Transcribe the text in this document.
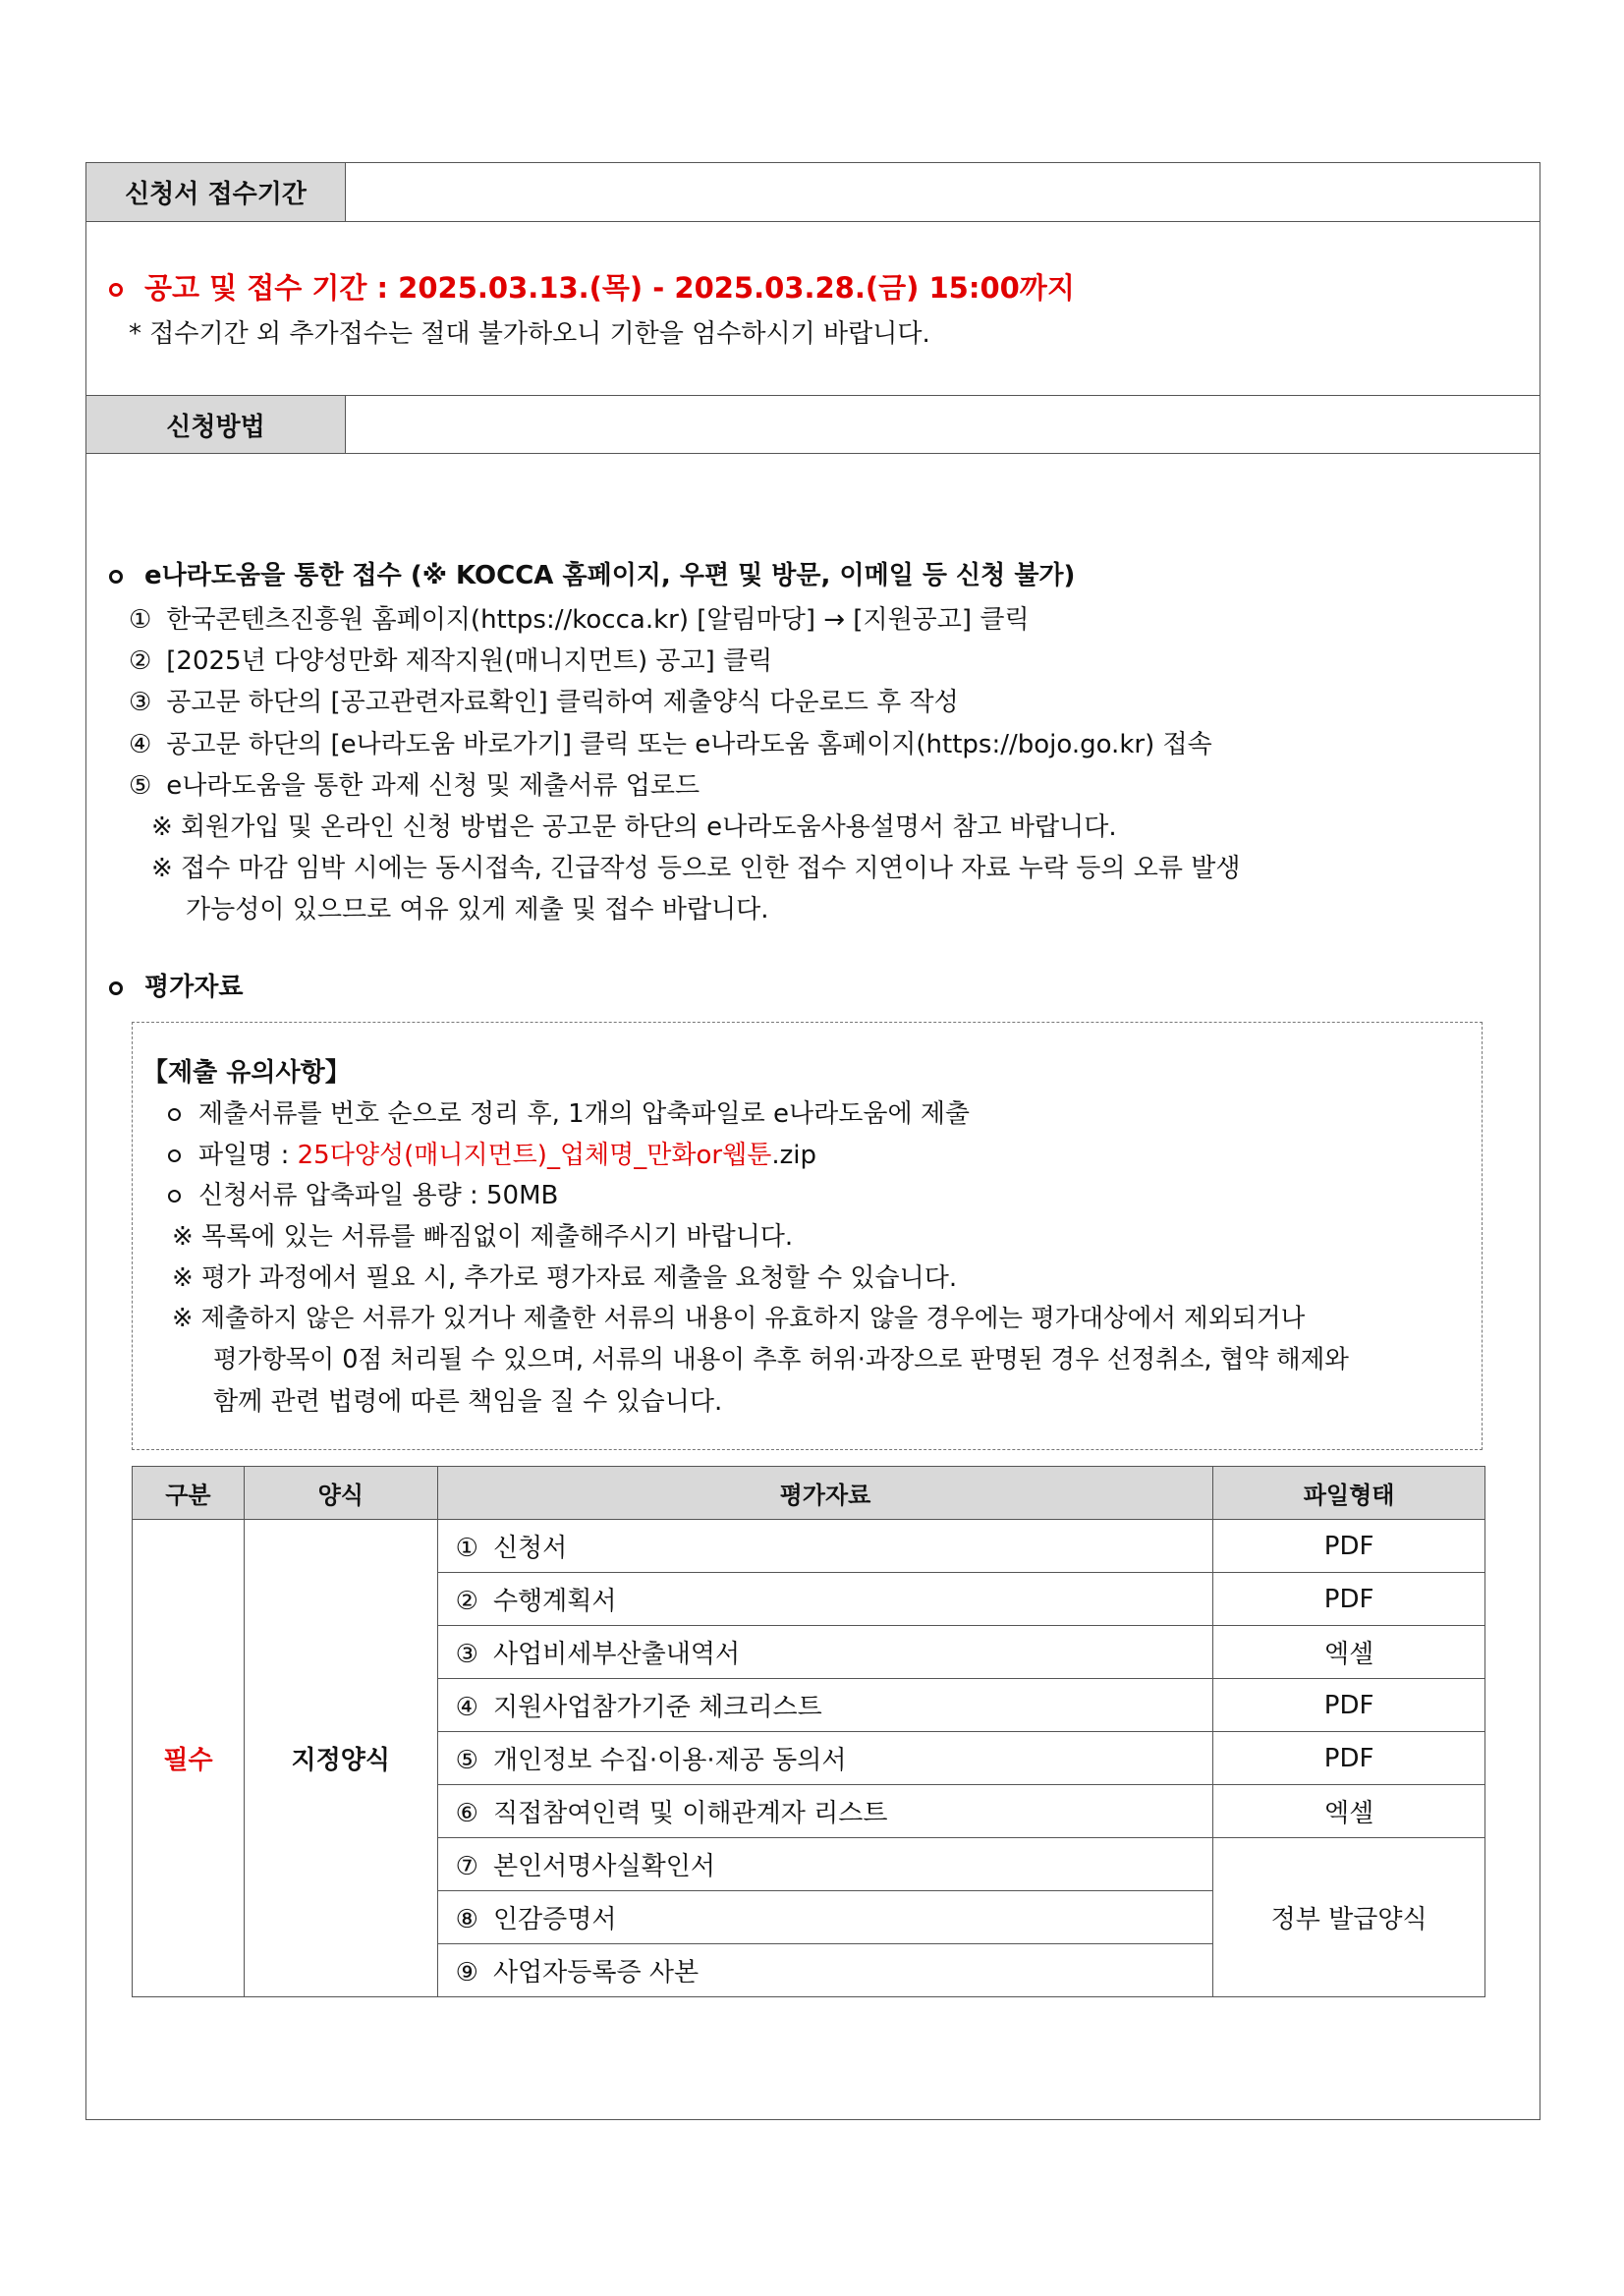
신청서 접수기간
공고 및 접수 기간 : 2025.03.13.(목) - 2025.03.28.(금) 15:00까지
* 접수기간 외 추가접수는 절대 불가하오니 기한을 엄수하시기 바랍니다.
신청방법
e나라도움을 통한 접수 (※ KOCCA 홈페이지, 우편 및 방문, 이메일 등 신청 불가)
① 한국콘텐츠진흥원 홈페이지(https://kocca.kr) [알림마당] → [지원공고] 클릭
② [2025년 다양성만화 제작지원(매니지먼트) 공고] 클릭
③ 공고문 하단의 [공고관련자료확인] 클릭하여 제출양식 다운로드 후 작성
④ 공고문 하단의 [e나라도움 바로가기] 클릭 또는 e나라도움 홈페이지(https://bojo.go.kr) 접속
⑤ e나라도움을 통한 과제 신청 및 제출서류 업로드
※ 회원가입 및 온라인 신청 방법은 공고문 하단의 e나라도움사용설명서 참고 바랍니다.
※ 접수 마감 임박 시에는 동시접속, 긴급작성 등으로 인한 접수 지연이나 자료 누락 등의 오류 발생
가능성이 있으므로 여유 있게 제출 및 접수 바랍니다.
평가자료
【제출 유의사항】
제출서류를 번호 순으로 정리 후, 1개의 압축파일로 e나라도움에 제출
파일명 : 25다양성(매니지먼트)_업체명_만화or웹툰.zip
신청서류 압축파일 용량 : 50MB
※ 목록에 있는 서류를 빠짐없이 제출해주시기 바랍니다.
※ 평가 과정에서 필요 시, 추가로 평가자료 제출을 요청할 수 있습니다.
※ 제출하지 않은 서류가 있거나 제출한 서류의 내용이 유효하지 않을 경우에는 평가대상에서 제외되거나
평가항목이 0점 처리될 수 있으며, 서류의 내용이 추후 허위·과장으로 판명된 경우 선정취소, 협약 해제와
함께 관련 법령에 따른 책임을 질 수 있습니다.
구분	양식	평가자료	파일형태
필수	지정양식	① 신청서	PDF
		② 수행계획서	PDF
		③ 사업비세부산출내역서	엑셀
		④ 지원사업참가기준 체크리스트	PDF
		⑤ 개인정보 수집·이용·제공 동의서	PDF
		⑥ 직접참여인력 및 이해관계자 리스트	엑셀
		⑦ 본인서명사실확인서	정부 발급양식
		⑧ 인감증명서	
		⑨ 사업자등록증 사본	
